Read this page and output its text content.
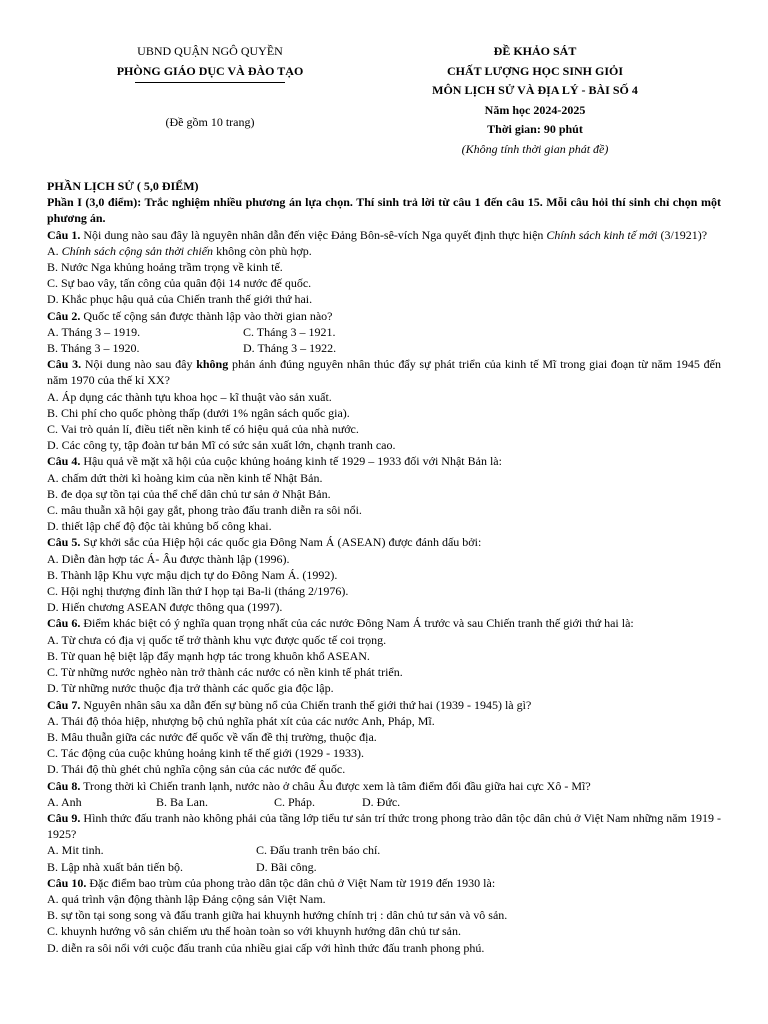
UBND QUẬN NGÔ QUYỀN
PHÒNG GIÁO DỤC VÀ ĐÀO TẠO
(Đề gồm 10 trang)
ĐỀ KHẢO SÁT
CHẤT LƯỢNG HỌC SINH GIỎI
MÔN LỊCH SỬ VÀ ĐỊA LÝ - BÀI SỐ 4
Năm học 2024-2025
Thời gian: 90 phút
(Không tính thời gian phát đề)

PHẦN LỊCH SỬ ( 5,0 ĐIỂM)

Phần I (3,0 điểm): Trắc nghiệm nhiều phương án lựa chọn. Thí sinh trả lời từ câu 1 đến câu 15. Mỗi câu hỏi thí sinh chỉ chọn một phương án.

Câu 1. Nội dung nào sau đây là nguyên nhân dẫn đến việc Đảng Bôn-sê-vích Nga quyết định thực hiện Chính sách kinh tế mới (3/1921)?

A. Chính sách cộng sản thời chiến không còn phù hợp.

B. Nước Nga khủng hoảng trầm trọng về kinh tế.

C. Sự bao vây, tấn công của quân đội 14 nước đế quốc.

D. Khắc phục hậu quả của Chiến tranh thế giới thứ hai.

Câu 2. Quốc tế cộng sản được thành lập vào thời gian nào?

A. Tháng 3 – 1919.	C. Tháng 3 – 1921.

B. Tháng 3 – 1920.	D. Tháng 3 – 1922.

Câu 3. Nội dung nào sau đây không phản ánh đúng nguyên nhân thúc đẩy sự phát triển của kinh tế Mĩ trong giai đoạn từ năm 1945 đến năm 1970 của thế kỉ XX?

A. Áp dụng các thành tựu khoa học – kĩ thuật vào sản xuất.

B. Chi phí cho quốc phòng thấp (dưới 1% ngân sách quốc gia).

C. Vai trò quản lí, điều tiết nền kinh tế có hiệu quả của nhà nước.

D. Các công ty, tập đoàn tư bản Mĩ có sức sản xuất lớn, chạnh tranh cao.

Câu 4. Hậu quả về mặt xã hội của cuộc khủng hoảng kinh tế 1929 – 1933 đối với Nhật Bản là:

A. chấm dứt thời kì hoàng kim của nền kinh tế Nhật Bản.

B. đe dọa sự tồn tại của thể chế dân chủ tư sản ở Nhật Bản.

C. mâu thuẫn xã hội gay gắt, phong trào đấu tranh diễn ra sôi nổi.

D. thiết lập chế độ độc tài khủng bố công khai.

Câu 5. Sự khởi sắc của Hiệp hội các quốc gia Đông Nam Á (ASEAN) được đánh dấu bởi:

A. Diễn đàn hợp tác Á- Âu được thành lập (1996).

B. Thành lập Khu vực mậu dịch tự do Đông Nam Á. (1992).

C. Hội nghị thượng đỉnh lần thứ I họp tại Ba-li (tháng 2/1976).

D. Hiến chương ASEAN được thông qua (1997).

Câu 6. Điểm khác biệt có ý nghĩa quan trọng nhất của các nước Đông Nam Á trước và sau Chiến tranh thế giới thứ hai là:

A. Từ chưa có địa vị quốc tế trở thành khu vực được quốc tế coi trọng.

B. Từ quan hệ biệt lập đẩy mạnh hợp tác trong khuôn khổ ASEAN.

C. Từ những nước nghèo nàn trở thành các nước có nền kinh tế phát triển.

D. Từ những nước thuộc địa trở thành các quốc gia độc lập.

Câu 7. Nguyên nhân sâu xa dẫn đến sự bùng nổ của Chiến tranh thế giới thứ hai (1939 - 1945) là gì?

A. Thái độ thỏa hiệp, nhượng bộ chủ nghĩa phát xít của các nước Anh, Pháp, Mĩ.

B. Mâu thuẫn giữa các nước đế quốc về vấn đề thị trường, thuộc địa.

C. Tác động của cuộc khủng hoảng kinh tế thế giới (1929 - 1933).

D. Thái độ thù ghét chủ nghĩa cộng sản của các nước đế quốc.

Câu 8. Trong thời kì Chiến tranh lạnh, nước nào ở châu Âu được xem là tâm điểm đối đầu giữa hai cực Xô - Mĩ?

A. Anh	B. Ba Lan.	C. Pháp.	D. Đức.

Câu 9. Hình thức đấu tranh nào không phải của tầng lớp tiểu tư sản trí thức trong phong trào dân tộc dân chủ ở Việt Nam những năm 1919 - 1925?

A. Mit tinh.	C. Đấu tranh trên báo chí.

B. Lập nhà xuất bản tiến bộ.	D. Bãi công.

Câu 10. Đặc điểm bao trùm của phong trào dân tộc dân chủ ở Việt Nam từ 1919 đến 1930 là:

A. quá trình vận động thành lập Đảng cộng sản Việt Nam.

B. sự tồn tại song song và đấu tranh giữa hai khuynh hướng chính trị : dân chủ tư sản và vô sản.

C. khuynh hướng vô sản chiếm ưu thế hoàn toàn so với khuynh hướng dân chủ tư sản.

D. diễn ra sôi nổi với cuộc đấu tranh của nhiều giai cấp với hình thức đấu tranh phong phú.
